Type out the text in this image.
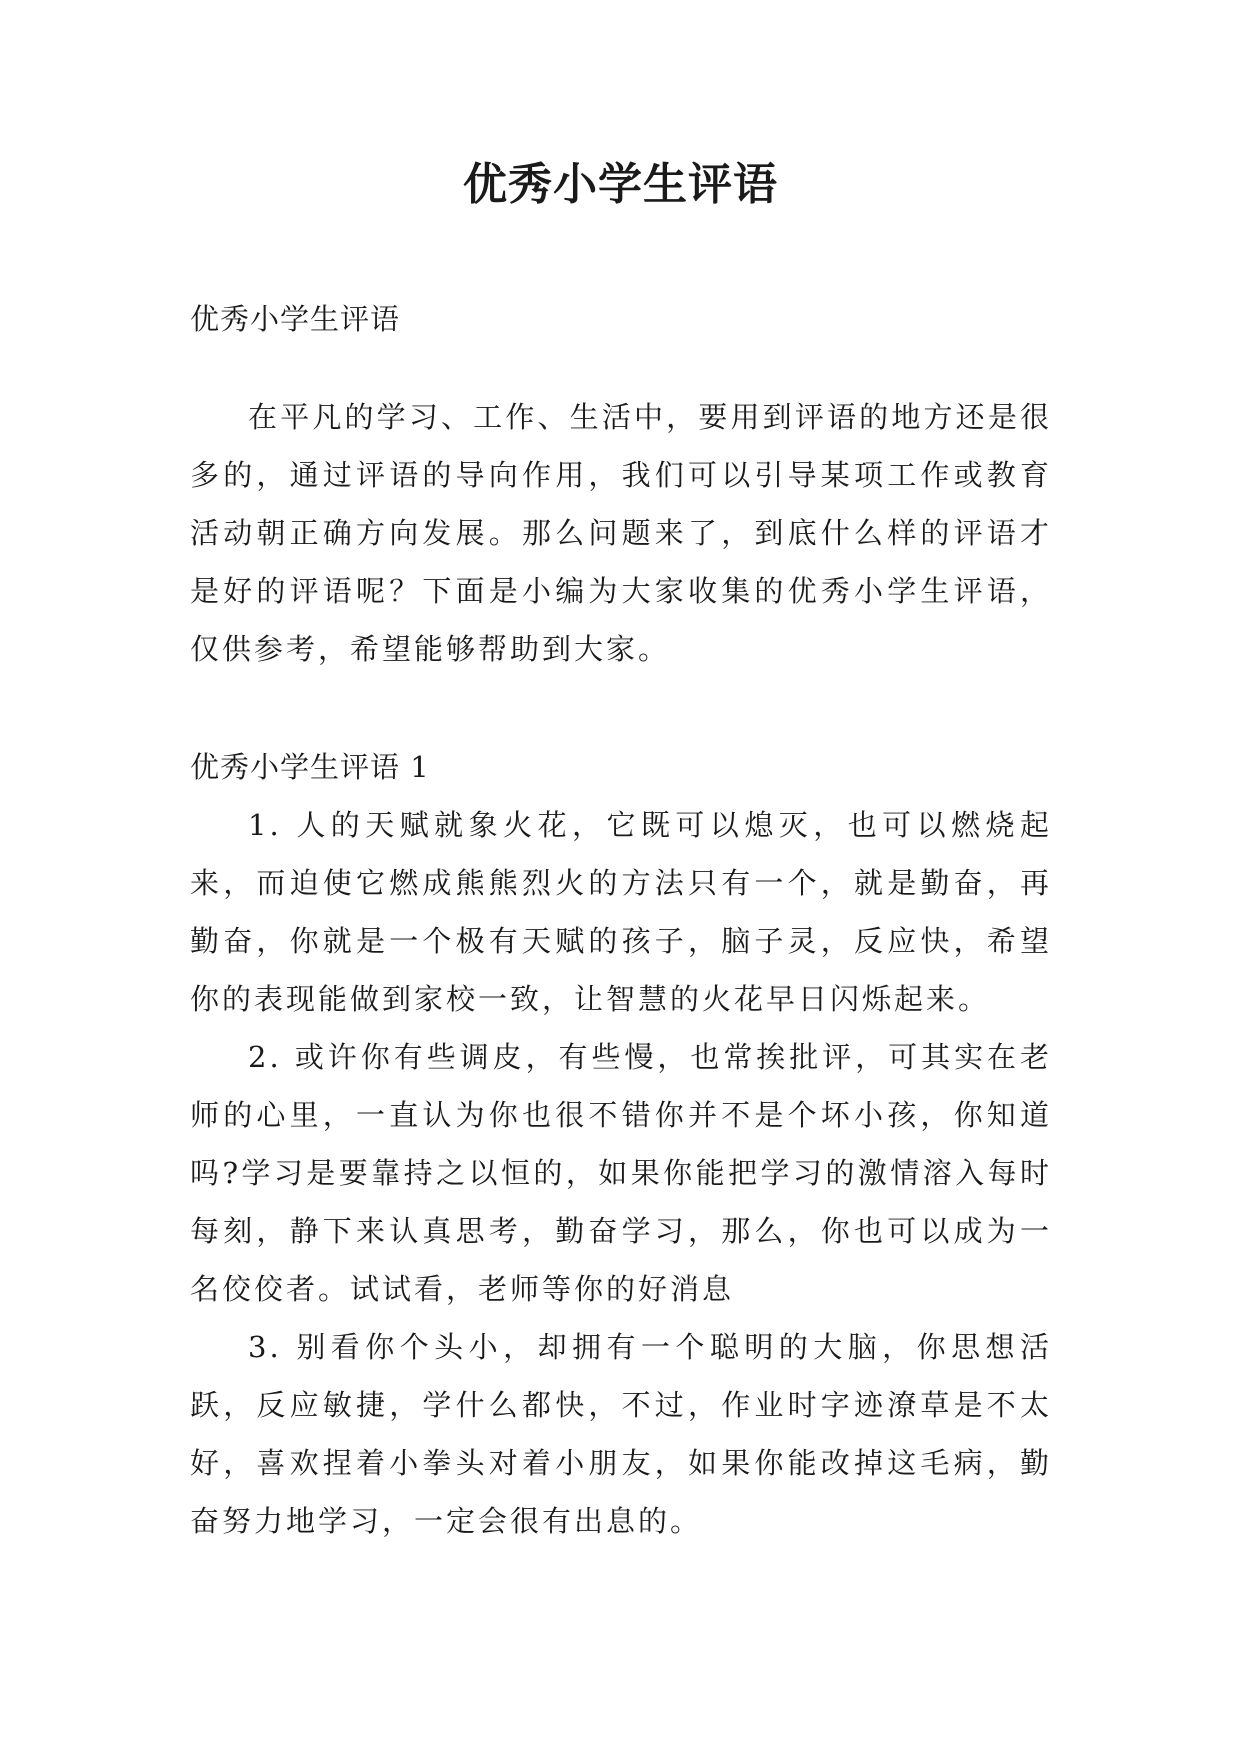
优秀小学生评语

优秀小学生评语

在平凡的学习、工作、生活中，要用到评语的地方还是很多的，通过评语的导向作用，我们可以引导某项工作或教育活动朝正确方向发展。那么问题来了，到底什么样的评语才是好的评语呢？下面是小编为大家收集的优秀小学生评语，仅供参考，希望能够帮助到大家。

优秀小学生评语 1

1. 人的天赋就象火花，它既可以熄灭，也可以燃烧起来，而迫使它燃成熊熊烈火的方法只有一个，就是勤奋，再勤奋，你就是一个极有天赋的孩子，脑子灵，反应快，希望你的表现能做到家校一致，让智慧的火花早日闪烁起来。

2. 或许你有些调皮，有些慢，也常挨批评，可其实在老师的心里，一直认为你也很不错你并不是个坏小孩，你知道吗?学习是要靠持之以恒的，如果你能把学习的激情溶入每时每刻，静下来认真思考，勤奋学习，那么，你也可以成为一名佼佼者。试试看，老师等你的好消息

3. 别看你个头小，却拥有一个聪明的大脑，你思想活跃，反应敏捷，学什么都快，不过，作业时字迹潦草是不太好，喜欢捏着小拳头对着小朋友，如果你能改掉这毛病，勤奋努力地学习，一定会很有出息的。
